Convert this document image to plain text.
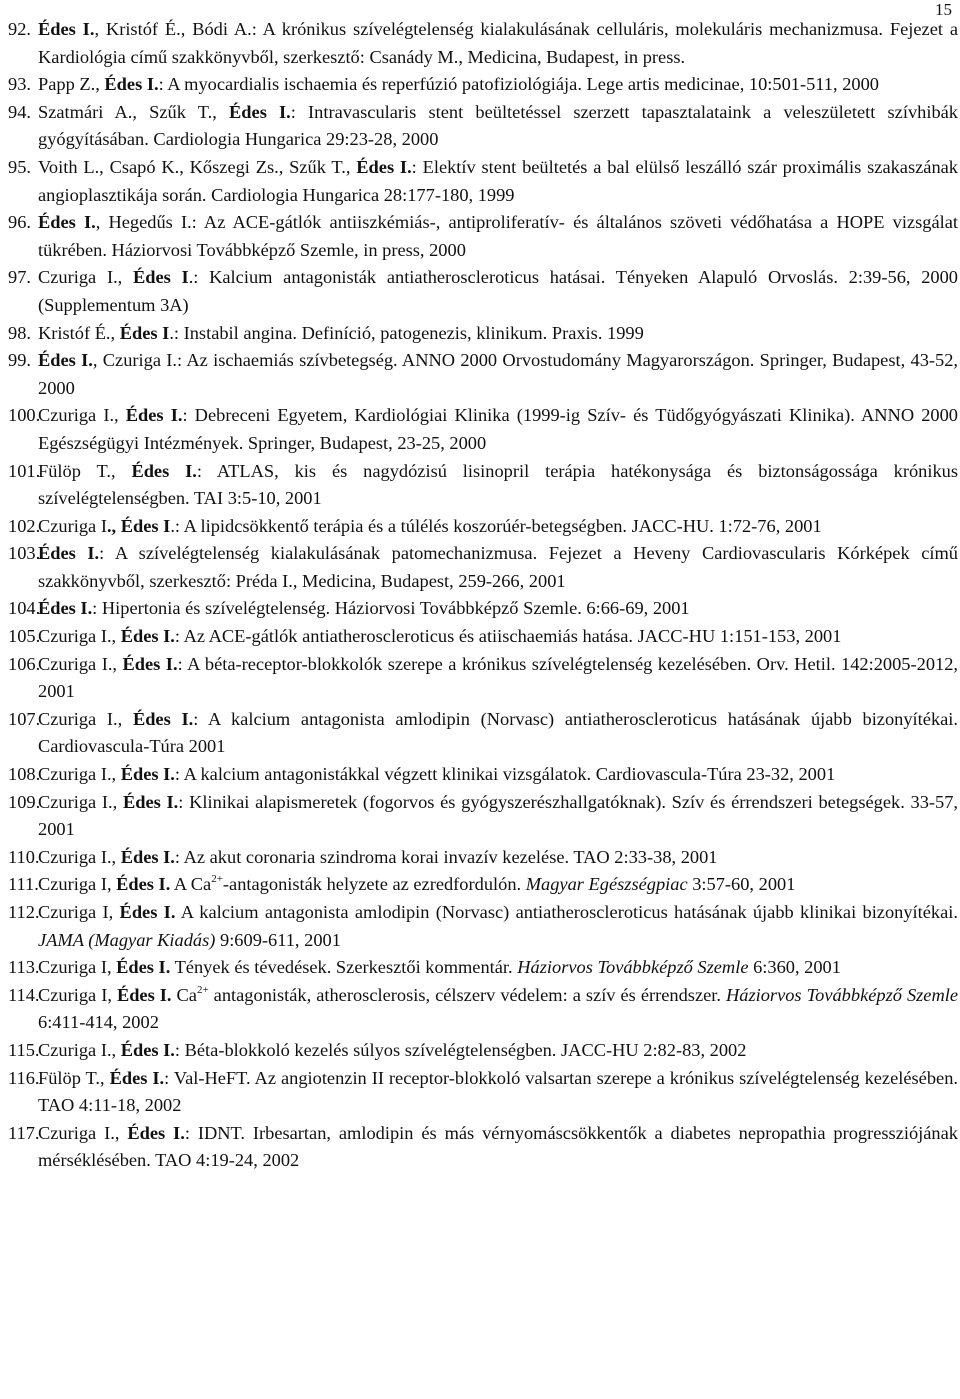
15
92. Édes I., Kristóf É., Bódi A.: A krónikus szívelégtelenség kialakulásának celluláris, molekuláris mechanizmusa. Fejezet a Kardiológia című szakkönyvből, szerkesztő: Csanády M., Medicina, Budapest, in press.
93. Papp Z., Édes I.: A myocardialis ischaemia és reperfúzió patofiziológiája. Lege artis medicinae, 10:501-511, 2000
94. Szatmári A., Szűk T., Édes I.: Intravascularis stent beültetéssel szerzett tapasztalataink a veleszületett szívhibák gyógyításában. Cardiologia Hungarica 29:23-28, 2000
95. Voith L., Csapó K., Kőszegi Zs., Szűk T., Édes I.: Elektív stent beültetés a bal elülső leszálló szár proximális szakaszának angioplasztikája során. Cardiologia Hungarica 28:177-180, 1999
96. Édes I., Hegedűs I.: Az ACE-gátlók antiiszkémiás-, antiproliferatív- és általános szöveti védőhatása a HOPE vizsgálat tükrében. Háziorvosi Továbbképző Szemle, in press, 2000
97. Czuriga I., Édes I.: Kalcium antagonisták antiatheroscleroticus hatásai. Tényeken Alapuló Orvoslás. 2:39-56, 2000 (Supplementum 3A)
98. Kristóf É., Édes I.: Instabil angina. Definíció, patogenezis, klinikum. Praxis. 1999
99. Édes I., Czuriga I.: Az ischaemiás szívbetegség. ANNO 2000 Orvostudomány Magyarországon. Springer, Budapest, 43-52, 2000
100.
Czuriga I., Édes I.: Debreceni Egyetem, Kardiológiai Klinika (1999-ig Szív- és Tüdőgyógyászati Klinika). ANNO 2000 Egészségügyi Intézmények. Springer, Budapest, 23-25, 2000
101.
Fülöp T., Édes I.: ATLAS, kis és nagydózisú lisinopril terápia hatékonysága és biztonságossága krónikus szívelégtelenségben. TAI 3:5-10, 2001
102.
Czuriga I., Édes I.: A lipidcsökkentő terápia és a túlélés koszorúér-betegségben. JACC-HU. 1:72-76, 2001
103.
Édes I.: A szívelégtelenség kialakulásának patomechanizmusa. Fejezet a Heveny Cardiovascularis Kórképek című szakkönyvből, szerkesztő: Préda I., Medicina, Budapest, 259-266, 2001
104.
Édes I.: Hipertonia és szívelégtelenség. Háziorvosi Továbbképző Szemle. 6:66-69, 2001
105.
Czuriga I., Édes I.: Az ACE-gátlók antiatheroscleroticus és atiischaemiás hatása. JACC-HU 1:151-153, 2001
106.
Czuriga I., Édes I.: A béta-receptor-blokkolók szerepe a krónikus szívelégtelenség kezelésében. Orv. Hetil. 142:2005-2012, 2001
107.
Czuriga I., Édes I.: A kalcium antagonista amlodipin (Norvasc) antiatheroscleroticus hatásának újabb bizonyítékai. Cardiovascula-Túra 2001
108.
Czuriga I., Édes I.: A kalcium antagonistákkal végzett klinikai vizsgálatok. Cardiovascula-Túra 23-32, 2001
109.
Czuriga I., Édes I.: Klinikai alapismeretek (fogorvos és gyógyszerészhallgatóknak). Szív és érrendszeri betegségek. 33-57, 2001
110.
Czuriga I., Édes I.: Az akut coronaria szindroma korai invazív kezelése. TAO 2:33-38, 2001
111. Czuriga I, Édes I. A $Ca^{2+}$-antagonisták helyzete az ezredfordulón. Magyar Egészségpiac 3:57-60, 2001
112.
Czuriga I, Édes I. A kalcium antagonista amlodipin (Norvasc) antiatheroscleroticus hatásának újabb klinikai bizonyítékai. JAMA (Magyar Kiadás) 9:609-611, 2001
113.
Czuriga I, Édes I. Tények és tévedések. Szerkesztői kommentár. Háziorvos Továbbképző Szemle 6:360, 2001
114.
Czuriga I, Édes I. $Ca^{2+}$ antagonisták, atherosclerosis, célszerv védelem: a szív és érrendszer. Háziorvos Továbbképző Szemle 6:411-414, 2002
115.
Czuriga I., Édes I.: Béta-blokkoló kezelés súlyos szívelégtelenségben. JACC-HU 2:82-83, 2002
116.
Fülöp T., Édes I.: Val-HeFT. Az angiotenzin II receptor-blokkoló valsartan szerepe a krónikus szívelégtelenség kezelésében. TAO 4:11-18, 2002
117.
Czuriga I., Édes I.: IDNT. Irbesartan, amlodipin és más vérnyomáscsökkentők a diabetes nepropathia progressziójának mérséklésében. TAO 4:19-24, 2002
